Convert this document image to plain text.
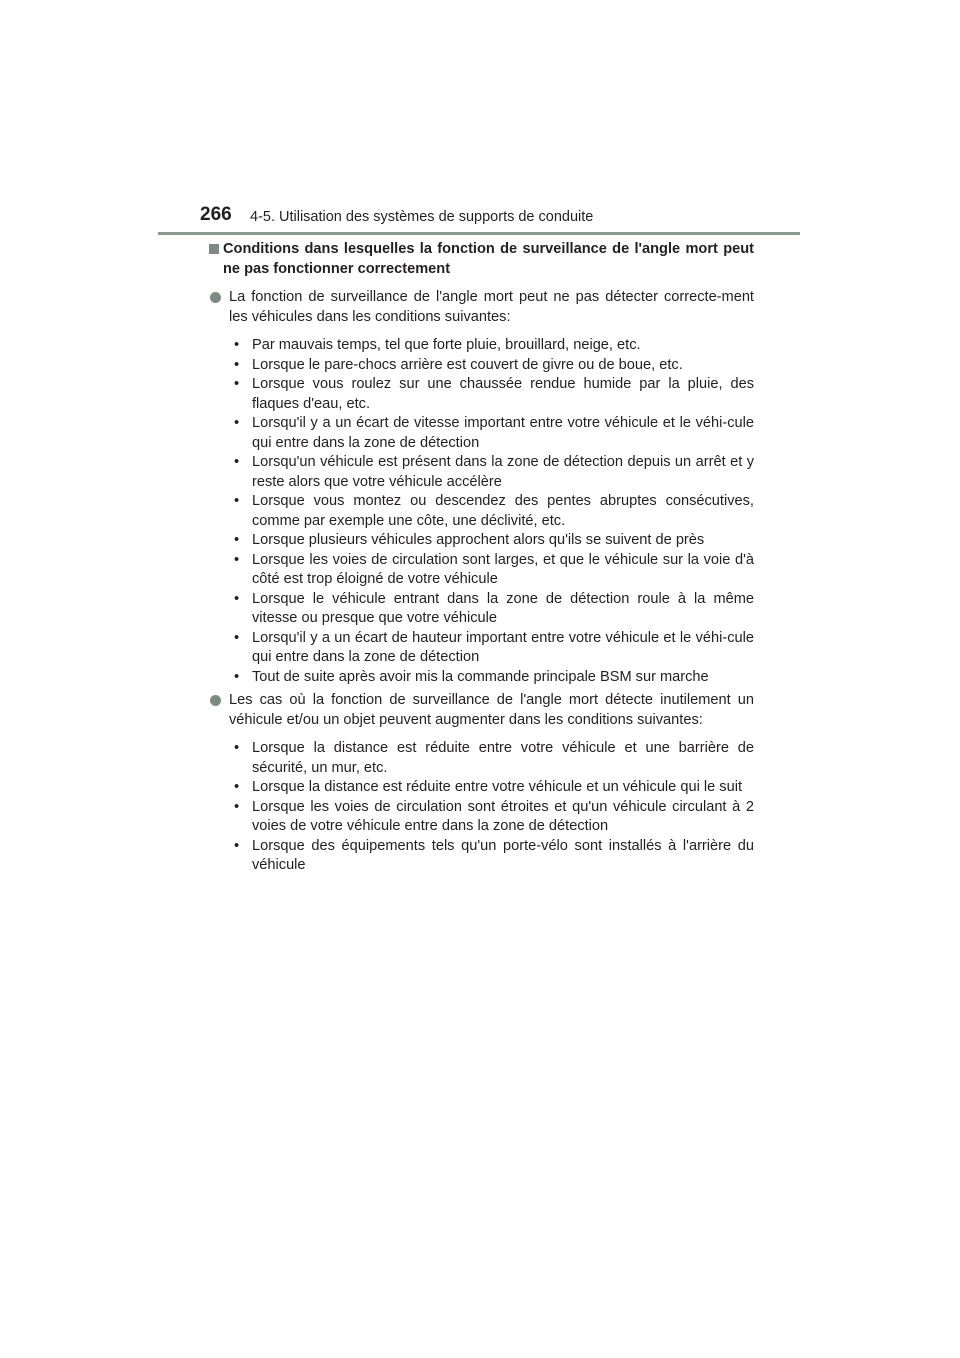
266 4-5. Utilisation des systèmes de supports de conduite
Conditions dans lesquelles la fonction de surveillance de l'angle mort peut ne pas fonctionner correctement
La fonction de surveillance de l'angle mort peut ne pas détecter correcte-ment les véhicules dans les conditions suivantes:
• Par mauvais temps, tel que forte pluie, brouillard, neige, etc.
• Lorsque le pare-chocs arrière est couvert de givre ou de boue, etc.
• Lorsque vous roulez sur une chaussée rendue humide par la pluie, des flaques d'eau, etc.
• Lorsqu'il y a un écart de vitesse important entre votre véhicule et le véhi-cule qui entre dans la zone de détection
• Lorsqu'un véhicule est présent dans la zone de détection depuis un arrêt et y reste alors que votre véhicule accélère
• Lorsque vous montez ou descendez des pentes abruptes consécutives, comme par exemple une côte, une déclivité, etc.
• Lorsque plusieurs véhicules approchent alors qu'ils se suivent de près
• Lorsque les voies de circulation sont larges, et que le véhicule sur la voie d'à côté est trop éloigné de votre véhicule
• Lorsque le véhicule entrant dans la zone de détection roule à la même vitesse ou presque que votre véhicule
• Lorsqu'il y a un écart de hauteur important entre votre véhicule et le véhi-cule qui entre dans la zone de détection
• Tout de suite après avoir mis la commande principale BSM sur marche
Les cas où la fonction de surveillance de l'angle mort détecte inutilement un véhicule et/ou un objet peuvent augmenter dans les conditions suivantes:
• Lorsque la distance est réduite entre votre véhicule et une barrière de sécurité, un mur, etc.
• Lorsque la distance est réduite entre votre véhicule et un véhicule qui le suit
• Lorsque les voies de circulation sont étroites et qu'un véhicule circulant à 2 voies de votre véhicule entre dans la zone de détection
• Lorsque des équipements tels qu'un porte-vélo sont installés à l'arrière du véhicule
